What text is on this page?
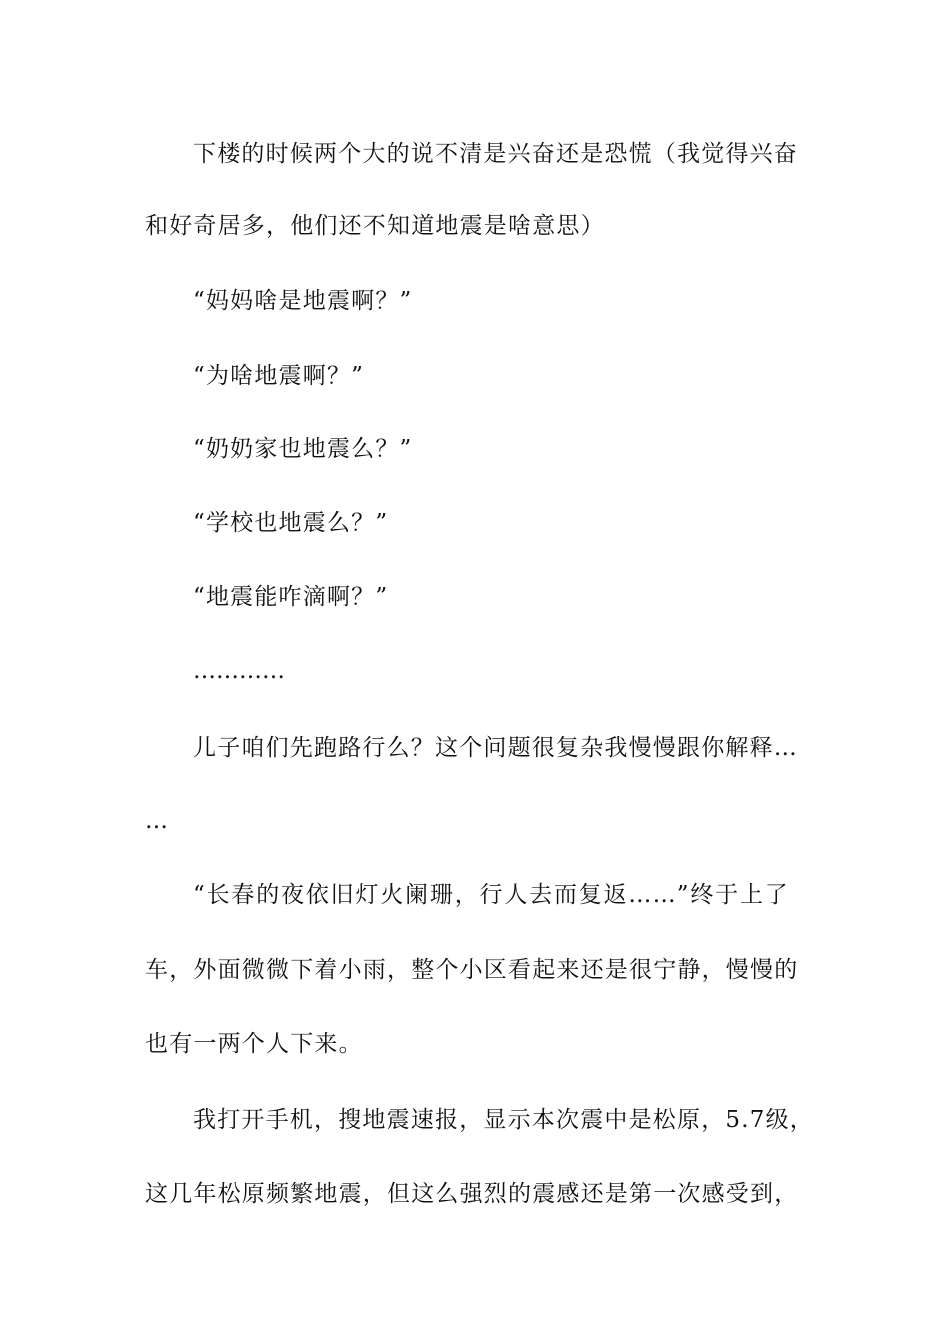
下楼的时候两个大的说不清是兴奋还是恐慌（我觉得兴奋
和好奇居多，他们还不知道地震是啥意思）
“妈妈啥是地震啊？”
“为啥地震啊？”
“奶奶家也地震么？”
“学校也地震么？”
“地震能咋滴啊？”
…………
儿子咱们先跑路行么？这个问题很复杂我慢慢跟你解释…
…
“长春的夜依旧灯火阑珊，行人去而复返……”终于上了
车，外面微微下着小雨，整个小区看起来还是很宁静，慢慢的
也有一两个人下来。
我打开手机，搜地震速报，显示本次震中是松原，5.7级，
这几年松原频繁地震，但这么强烈的震感还是第一次感受到，
